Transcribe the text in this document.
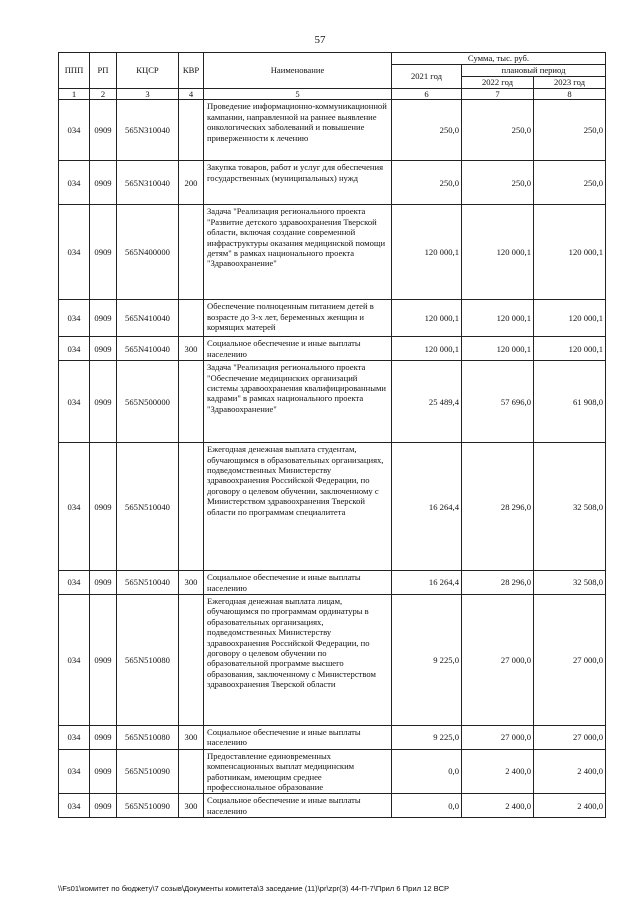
57
ППП	РП	КЦСР	КВР	Наименование	Сумма, тыс. руб.		
					2021 год	плановый период	
						2022 год	2023 год
1	2	3	4	5	6	7	8
034	0909	565N310040		Проведение информационно-коммуникационной кампании, направленной на раннее выявление онкологических заболеваний и повышение приверженности к лечению	250,0	250,0	250,0
034	0909	565N310040	200	Закупка товаров, работ и услуг для обеспечения государственных (муниципальных) нужд	250,0	250,0	250,0
034	0909	565N400000		Задача "Реализация регионального проекта "Развитие детского здравоохранения Тверской области, включая создание современной инфраструктуры оказания медицинской помощи детям" в рамках национального проекта "Здравоохранение"	120 000,1	120 000,1	120 000,1
034	0909	565N410040		Обеспечение полноценным питанием детей в возрасте до 3-х лет, беременных женщин и кормящих матерей	120 000,1	120 000,1	120 000,1
034	0909	565N410040	300	Социальное обеспечение и иные выплаты населению	120 000,1	120 000,1	120 000,1
034	0909	565N500000		Задача "Реализация регионального проекта "Обеспечение медицинских организаций системы здравоохранения квалифицированными кадрами" в рамках национального проекта "Здравоохранение"	25 489,4	57 696,0	61 908,0
034	0909	565N510040		Ежегодная денежная выплата студентам, обучающимся в образовательных организациях, подведомственных Министерству здравоохранения Российской Федерации, по договору о целевом обучении, заключенному с Министерством здравоохранения Тверской области по программам специалитета	16 264,4	28 296,0	32 508,0
034	0909	565N510040	300	Социальное обеспечение и иные выплаты населению	16 264,4	28 296,0	32 508,0
034	0909	565N510080		Ежегодная денежная выплата лицам, обучающимся по программам ординатуры в образовательных организациях, подведомственных Министерству здравоохранения Российской Федерации, по договору о целевом обучении по образовательной программе высшего образования, заключенному с Министерством здравоохранения Тверской области	9 225,0	27 000,0	27 000,0
034	0909	565N510080	300	Социальное обеспечение и иные выплаты населению	9 225,0	27 000,0	27 000,0
034	0909	565N510090		Предоставление единовременных компенсационных выплат медицинским работникам, имеющим среднее профессиональное образование	0,0	2 400,0	2 400,0
034	0909	565N510090	300	Социальное обеспечение и иные выплаты населению	0,0	2 400,0	2 400,0
\\Fs01\комитет по бюджету\7 созыв\Документы комитета\3 заседание (11)\pr\zpr(3) 44-П-7\Прил 6 Прил 12 ВСР
